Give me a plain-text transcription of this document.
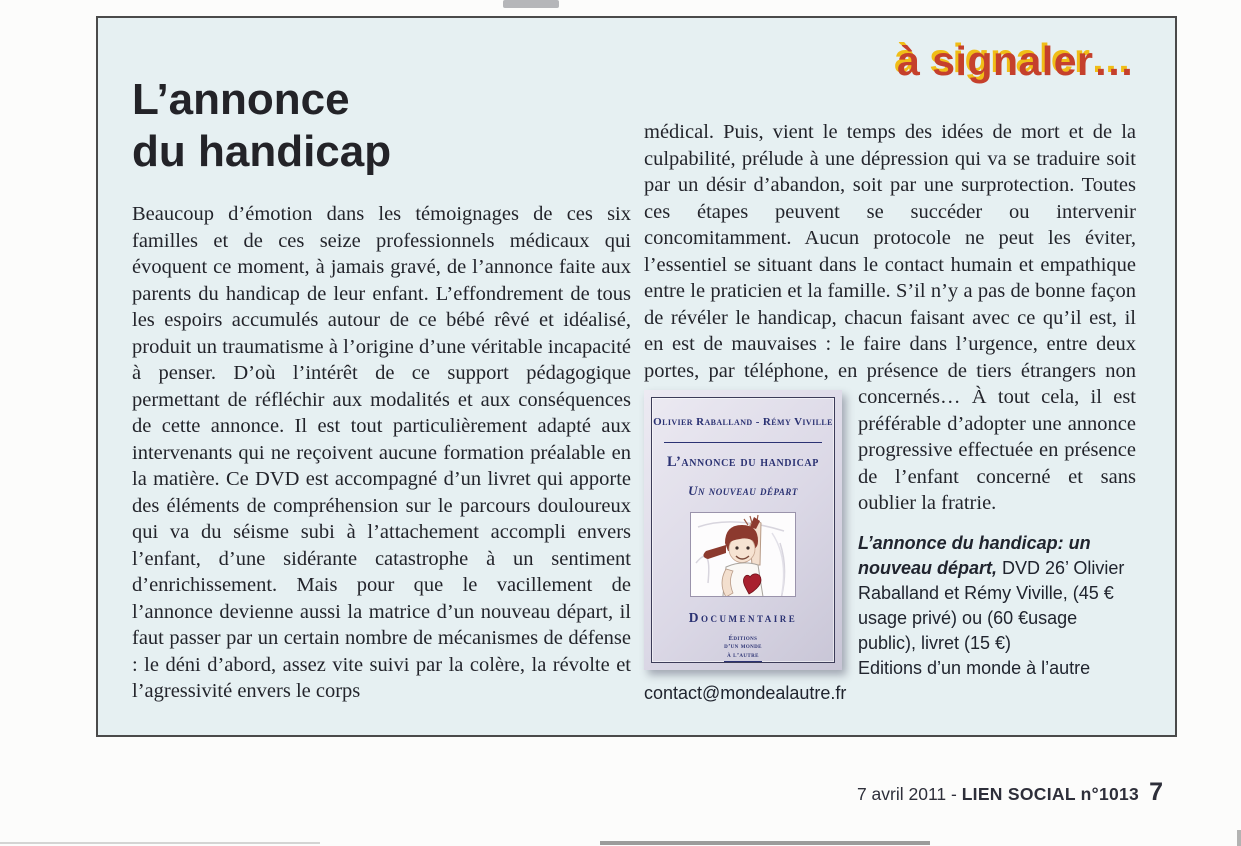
à signaler…
L’annonce
du handicap
Beaucoup d’émotion dans les témoignages de ces six familles et de ces seize professionnels médicaux qui évoquent ce moment, à jamais gravé, de l’annonce faite aux parents du handicap de leur enfant. L’effondrement de tous les espoirs accumulés autour de ce bébé rêvé et idéalisé, produit un traumatisme à l’origine d’une véritable incapacité à penser. D’où l’intérêt de ce support pédagogique permettant de réfléchir aux modalités et aux conséquences de cette annonce. Il est tout particulièrement adapté aux intervenants qui ne reçoivent aucune formation préalable en la matière. Ce DVD est accompagné d’un livret qui apporte des éléments de compréhension sur le parcours douloureux qui va du séisme subi à l’attachement accompli envers l’enfant, d’une sidérante catastrophe à un sentiment d’enrichissement. Mais pour que le vacillement de l’annonce devienne aussi la matrice d’un nouveau départ, il faut passer par un certain nombre de mécanismes de défense : le déni d’abord, assez vite suivi par la colère, la révolte et l’agressivité envers le corps
médical. Puis, vient le temps des idées de mort et de la culpabilité, prélude à une dépression qui va se traduire soit par un désir d’abandon, soit par une surprotection. Toutes ces étapes peuvent se succéder ou intervenir concomitamment. Aucun protocole ne peut les éviter, l’essentiel se situant dans le contact humain et empathique entre le praticien et la famille. S’il n’y a pas de bonne façon de révéler le handicap, chacun faisant avec ce qu’il est, il en est de mauvaises : le faire dans l’urgence, entre deux portes, par téléphone, en présence de tiers étrangers non concernés… À tout
Olivier Raballand - Rémy Viville
L’annonce du handicap
Un nouveau départ
Documentaire
Éditions
d’un monde
à l’autre
cela, il est préférable d’adopter une annonce progressive effectuée en présence de l’enfant concerné et sans oublier la fratrie.
L’annonce du handicap: un nouveau départ, DVD 26’ Olivier Raballand et Rémy Viville, (45 € usage privé) ou (60 €usage public), livret (15 €)
Editions d’un monde à l’autre
contact@mondealautre.fr
7 avril 2011 - LIEN SOCIAL n°1013 7
